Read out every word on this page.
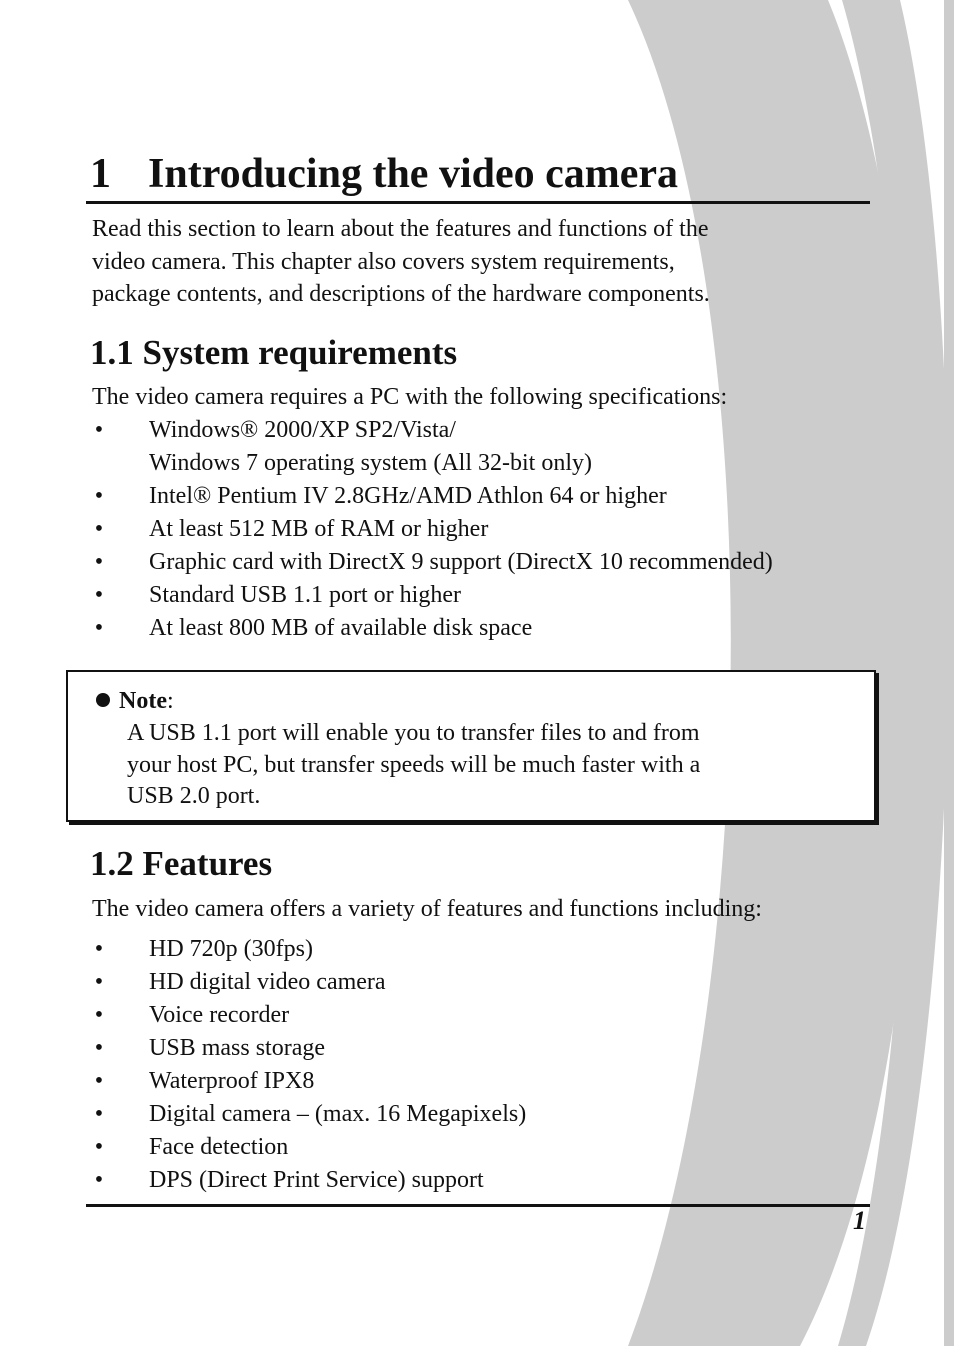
1 Introducing the video camera

Read this section to learn about the features and functions of the
video camera. This chapter also covers system requirements,
package contents, and descriptions of the hardware components.

1.1 System requirements

The video camera requires a PC with the following specifications:

• Windows® 2000/XP SP2/Vista/
Windows 7 operating system (All 32-bit only)
• Intel® Pentium IV 2.8GHz/AMD Athlon 64 or higher
• At least 512 MB of RAM or higher
• Graphic card with DirectX 9 support (DirectX 10 recommended)
• Standard USB 1.1 port or higher
• At least 800 MB of available disk space
Note:

A USB 1.1 port will enable you to transfer files to and from
your host PC, but transfer speeds will be much faster with a
USB 2.0 port.

1.2 Features

The video camera offers a variety of features and functions including:

• HD 720p (30fps)
• HD digital video camera
• Voice recorder
• USB mass storage
• Waterproof IPX8
• Digital camera – (max. 16 Megapixels)
• Face detection
• DPS (Direct Print Service) support
1
